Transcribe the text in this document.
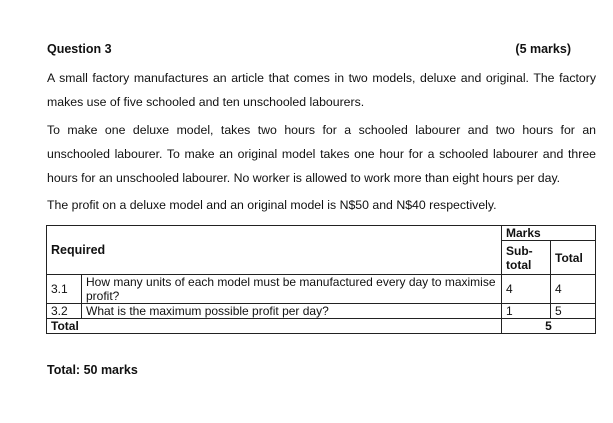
Question 3	(5 marks)

A small factory manufactures an article that comes in two models, deluxe and original. The factory makes use of five schooled and ten unschooled labourers.

To make one deluxe model, takes two hours for a schooled labourer and two hours for an unschooled labourer. To make an original model takes one hour for a schooled labourer and three hours for an unschooled labourer. No worker is allowed to work more than eight hours per day.

The profit on a deluxe model and an original model is N$50 and N$40 respectively.

Required		Marks	
		Sub-total	Total
3.1	How many units of each model must be manufactured every day to maximise profit?	4	4
3.2	What is the maximum possible profit per day?	1	5
Total		5	
Total: 50 marks
